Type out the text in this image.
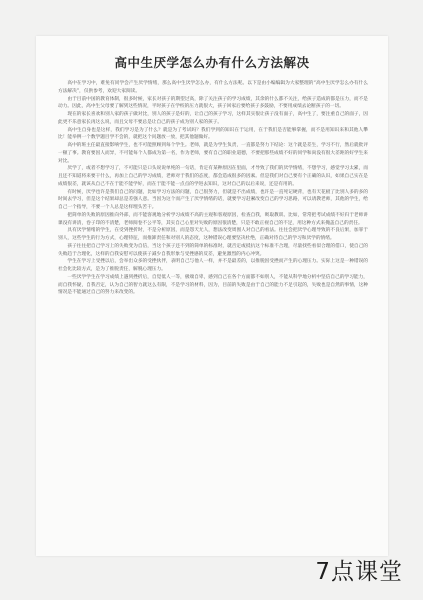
高中生厌学怎么办有什么方法解决

高中在学习中，难免有同学会产生厌学情绪，那么高中生厌学怎么办，有什么方法呢。以下是由小编编辑为大家整理的“高中生厌学怎么办有什么方法解决”，仅供参考，欢迎大家阅读。

由于目前中国的教育体制，很多时候，家长对孩子的期望过高，除了关注孩子的学习成绩，其余的什么都不关注，给孩子造成的都是压力，而不是动力。因此，高中生父母要了解到这些情况，平时孩子在学校的压力就很大，孩子回家后要给孩子多鼓励，不要用成绩去论断孩子的一切。

现在的家长喜欢和别人家的孩子做对比，别人的孩子是好的，让自己的孩子学习，这样其实很让孩子没有面子，高中生了，要注重自己的面子，因此更不乐意家长再这么说，而且父母不要总是让自己的孩子成为别人家的孩子。

高中生自身也是这样，我们学习是为了什么？就是为了考试吗？我们学到的知识在于运用，在于我们是否能够掌握，而不是用知识来和其他人攀比！能举例一个数学题目学不会的，就把这个问题放一放，把其他题做好。

高中的班主任最直接影响学生，也不可能照顾到每个学生。老师，就是为学生负责，一直都是努力下结论：这个就是差生，学习不行，然后就批评一顿了事。教育要因人而异，不可能每个人都成为第一名，作为老师，要有自己的职业道德，不要把那些成绩不好的同学和尚没有很大差距的好学生来对比。

厌学了，或者不想学习了，不可能只是口头说说单纯的一句话，肯定有某种原因在里面，才导致了我们的厌学情绪，不想学习，感觉学习太累，而且还不知道将来要干什么，再加上自己的学习成绩，老师对于我们的态度，都会造成很多的因素。但是我们对自己要有个正确的认识，如果自己实在是成绩很差，就该从自己不在于能不能学好，而在于能不能一点点的学进去知识，这对自己的以后来说，还是有用的。

有时候，厌学也许是我们自己的问题，比如学习方法的问题，自己很努力，但就是不出成绩，也许是一直死记硬背，也有天花板了比别人多的多的时间去学习，但是这个结果却总是差强人意。当因为这个而产生了厌学情绪的话，就要学习赶紧改变自己的学习思路，可以请教老师，其他的学生，给自己一个指导，不要一个人总是这样埋头苦干。

把简单的失败的原因推向外部，而不能客观地分析学习成绩不高的主观和客观原因，检查自我，吸取教训。比如，常常把考试成绩不好归于老师讲课没有讲清，卷子印的不清楚，老师阅卷不公平等，其实自己心里对失败的原因很清楚，只是不敢正视自己的不足，用这种方式来掩盖自己的责任。

具有厌学情绪的学生，在受到挫折时，不是分析原因，而是怨天尤人，想法改变周围人对自己的看法。往往会把厌学心理导致的不良后果，加罪于别人，这些学生的行为方式，心理特征，而推卸责任和对别人的态度，这种错误心理要坚决杜绝，正确对待自己的学习和厌学的情绪。

孩子往往把自己学习上的失败变为自信，当这个孩子还不到的简单的标准时，就否定或抵抗这个标准不合理，尽量找些看似合理的借口，使自己的失败趋于合理化，这样的自我安慰可以使孩子减少自我形象与受挫感的反差，避免激烈的内心冲突。

学生在学习上受挫以后，会举出众多的受挫伙伴，表明自己与他人一样，并不是最差的，以推脱因受挫而产生的心理压力。实际上这是一种错误的社会化比较方式，是为了推脱责任，解脱心理压力。

一些厌学学生在学习成绩上遇到挫折后，自觉低人一等，极端自卑，感到自己在各个方面都不如别人，不能从科学地分析中坚信自己的学习能力，而自我怀疑，自我否定，认为自己的智力就这么有限，不是学习的材料，因为，目前的失败是由于自己的能力不足引起的，失败也是自然的事情，这种情况是不能通过自己的努力来改变的。

7点课堂
